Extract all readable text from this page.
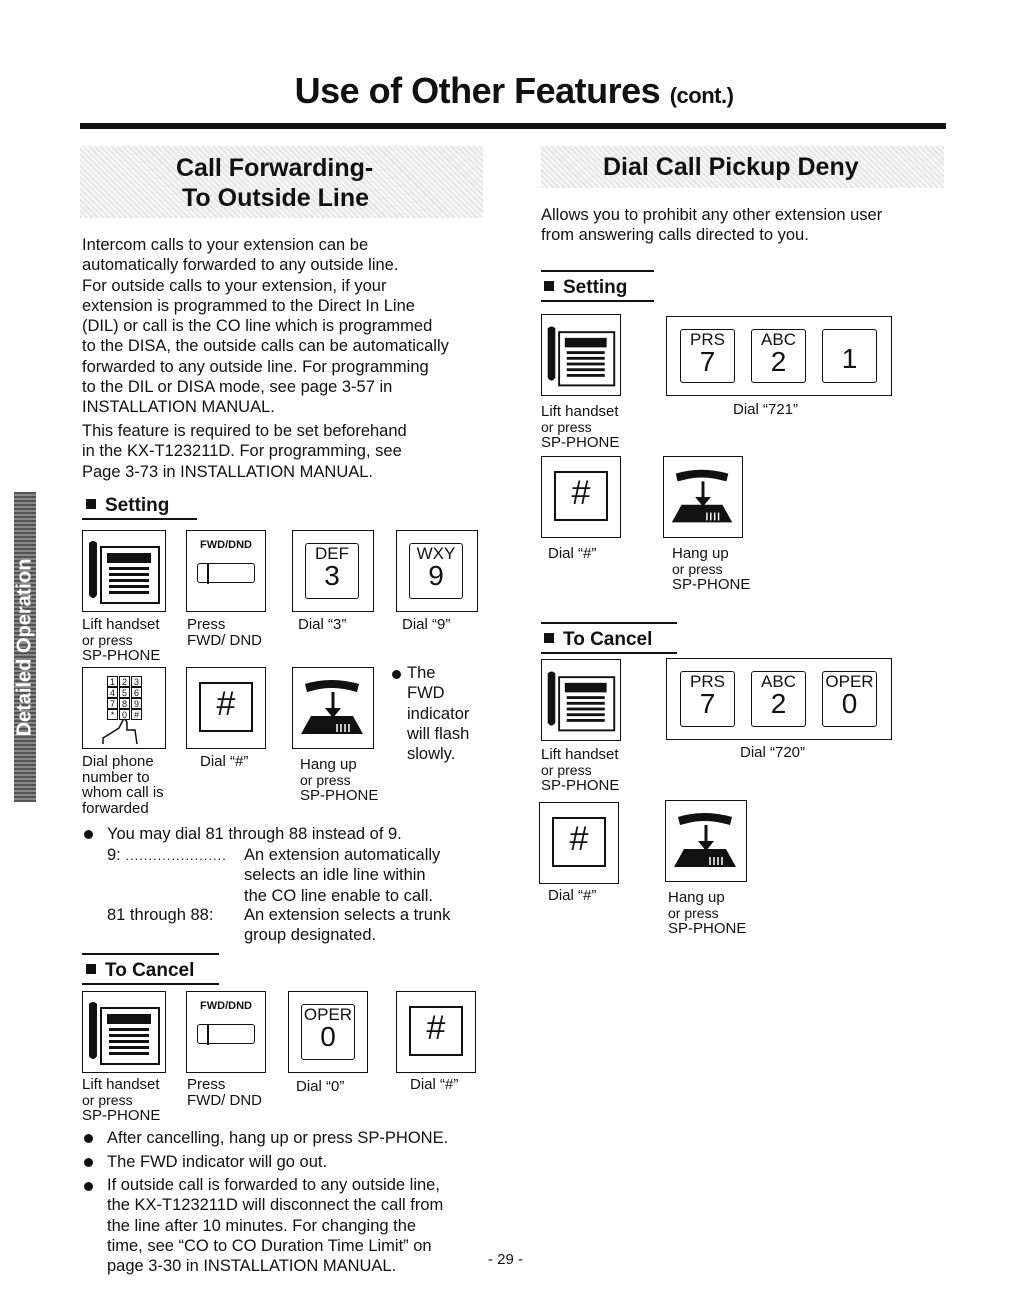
Use of Other Features (cont.)
Detailed Operation
Call Forwarding-
To Outside Line
Intercom calls to your extension can be
automatically forwarded to any outside line.
For outside calls to your extension, if your
extension is programmed to the Direct In Line
(DIL) or call is the CO line which is programmed
to the DISA, the outside calls can be automatically
forwarded to any outside line. For programming
to the DIL or DISA mode, see page 3-57 in
INSTALLATION MANUAL.
This feature is required to be set beforehand
in the KX-T123211D. For programming, see
Page 3-73 in INSTALLATION MANUAL.
Setting
FWD/DND	DEF
3
WXY
9
Lift handset
or press
SP-PHONE
Press
FWD/ DND
Dial “3”	Dial “9”
1 2 3
4 5 6
7 8 9
* 0 #	#
The
FWD
indicator
will flash
slowly.
Dial phone
number to
whom call is
forwarded
Dial “#”	Hang up
or press
SP-PHONE
You may dial 81 through 88 instead of 9.
9: ...................... An extension automatically
selects an idle line within
the CO line enable to call.
81 through 88: An extension selects a trunk
group designated.
To Cancel
FWD/DND	OPER
0	#
Lift handset
or press
SP-PHONE
Press
FWD/ DND
Dial “0”	Dial “#”
After cancelling, hang up or press SP-PHONE.
The FWD indicator will go out.
If outside call is forwarded to any outside line,
the KX-T123211D will disconnect the call from
the line after 10 minutes. For changing the
time, see “CO to CO Duration Time Limit” on
page 3-30 in INSTALLATION MANUAL.	- 29 -
Dial Call Pickup Deny
Allows you to prohibit any other extension user
from answering calls directed to you.
Setting
PRS
7
ABC
2	1
Lift handset
or press
SP-PHONE
Dial “721”
#
Dial “#”	Hang up
or press
SP-PHONE
To Cancel
PRS
7
ABC
2
OPER
0
Lift handset
or press
SP-PHONE
Dial “720”
#
Dial “#”	Hang up
or press
SP-PHONE
